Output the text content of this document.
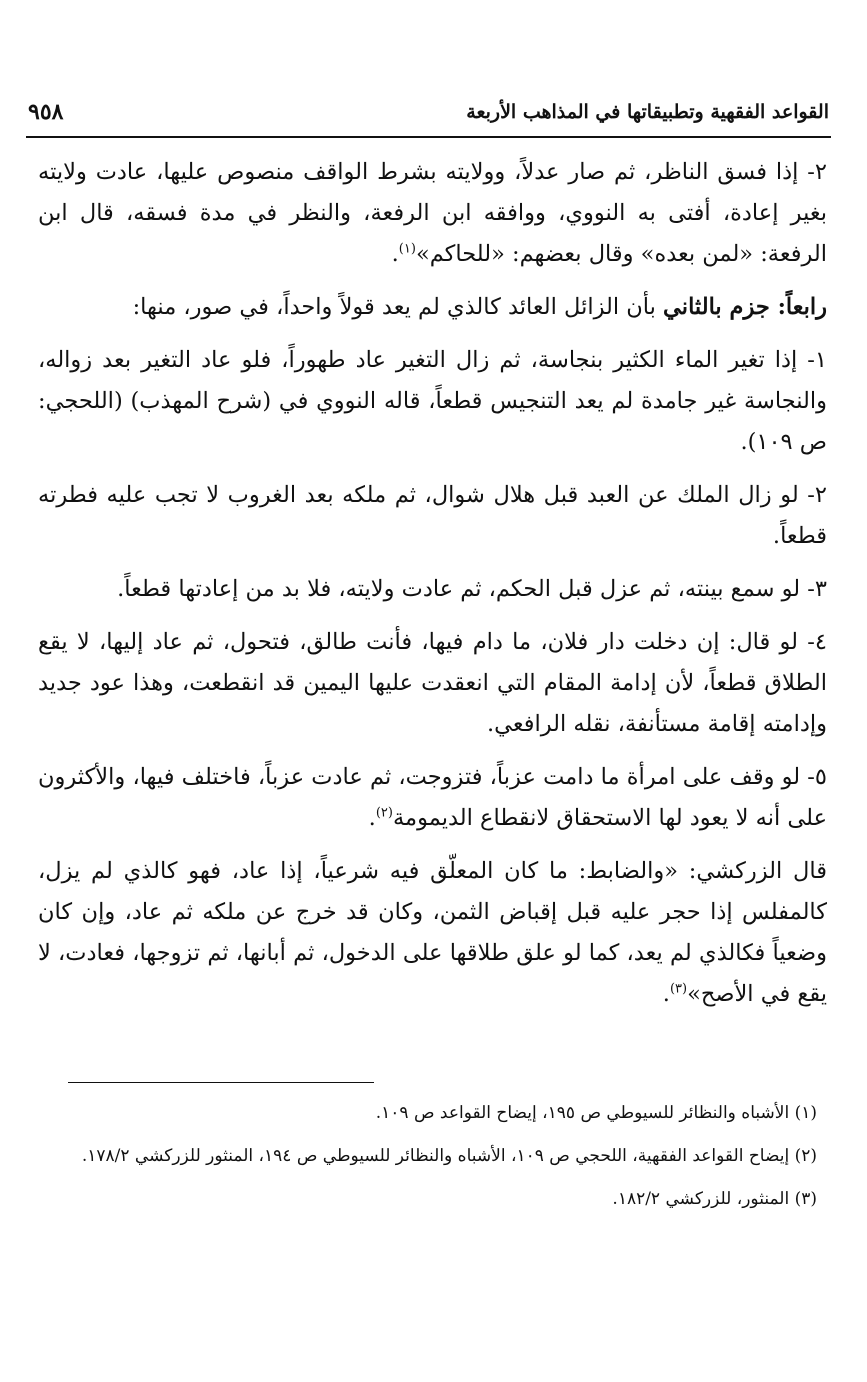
القواعد الفقهية وتطبيقاتها في المذاهب الأربعة
٩٥٨

٢- إذا فسق الناظر، ثم صار عدلاً، وولايته بشرط الواقف منصوص عليها، عادت ولايته بغير إعادة، أفتى به النووي، ووافقه ابن الرفعة، والنظر في مدة فسقه، قال ابن الرفعة: «لمن بعده» وقال بعضهم: «للحاكم»$^{(١)}$.

رابعاً: جزم بالثاني بأن الزائل العائد كالذي لم يعد قولاً واحداً، في صور، منها:

١- إذا تغير الماء الكثير بنجاسة، ثم زال التغير عاد طهوراً، فلو عاد التغير بعد زواله، والنجاسة غير جامدة لم يعد التنجيس قطعاً، قاله النووي في (شرح المهذب) (اللحجي: ص ١٠٩).

٢- لو زال الملك عن العبد قبل هلال شوال، ثم ملكه بعد الغروب لا تجب عليه فطرته قطعاً.

٣- لو سمع بينته، ثم عزل قبل الحكم، ثم عادت ولايته، فلا بد من إعادتها قطعاً.

٤- لو قال: إن دخلت دار فلان، ما دام فيها، فأنت طالق، فتحول، ثم عاد إليها، لا يقع الطلاق قطعاً، لأن إدامة المقام التي انعقدت عليها اليمين قد انقطعت، وهذا عود جديد وإدامته إقامة مستأنفة، نقله الرافعي.

٥- لو وقف على امرأة ما دامت عزباً، فتزوجت، ثم عادت عزباً، فاختلف فيها، والأكثرون على أنه لا يعود لها الاستحقاق لانقطاع الديمومة$^{(٢)}$.

قال الزركشي: «والضابط: ما كان المعلّق فيه شرعياً، إذا عاد، فهو كالذي لم يزل، كالمفلس إذا حجر عليه قبل إقباض الثمن، وكان قد خرج عن ملكه ثم عاد، وإن كان وضعياً فكالذي لم يعد، كما لو علق طلاقها على الدخول، ثم أبانها، ثم تزوجها، فعادت، لا يقع في الأصح»$^{(٣)}$.

(١) الأشباه والنظائر للسيوطي ص ١٩٥، إيضاح القواعد ص ١٠٩.

(٢) إيضاح القواعد الفقهية، اللحجي ص ١٠٩، الأشباه والنظائر للسيوطي ص ١٩٤، المنثور للزركشي ١٧٨/٢.

(٣) المنثور، للزركشي ١٨٢/٢.
